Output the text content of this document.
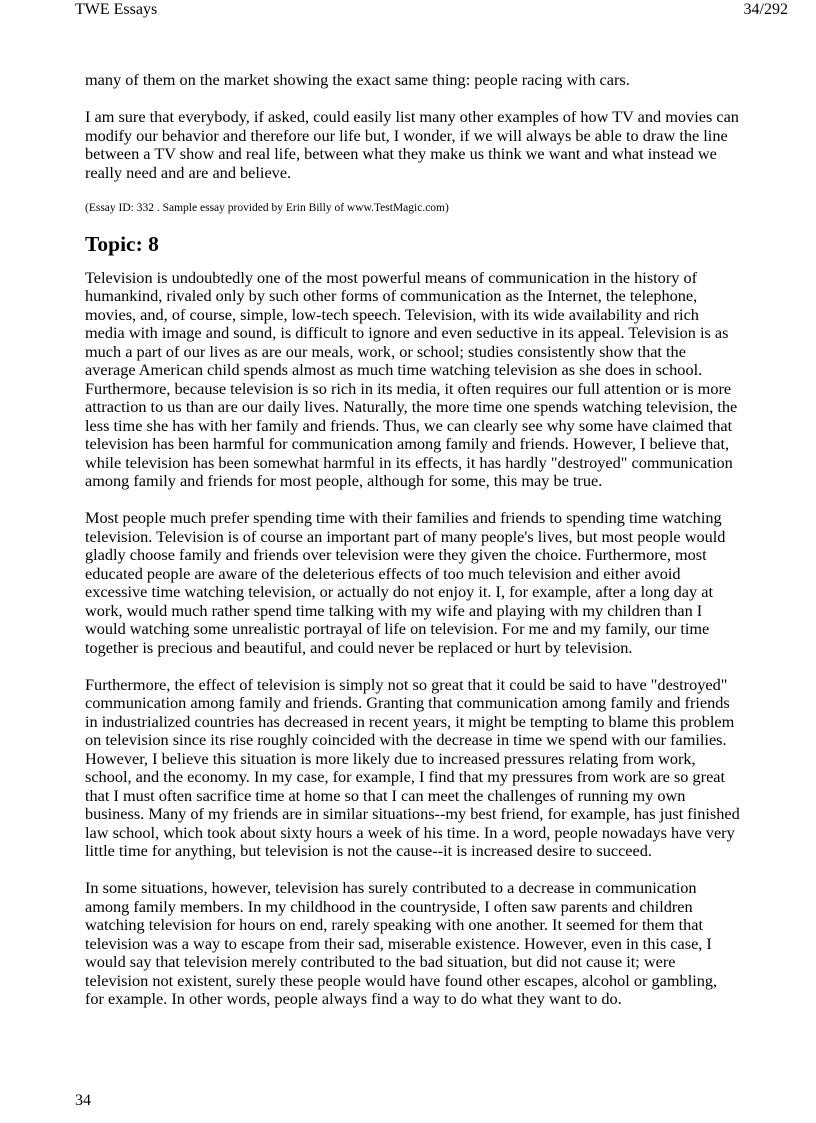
TWE Essays	34/292

many of them on the market showing the exact same thing: people racing with cars.

I am sure that everybody, if asked, could easily list many other examples of how TV and movies can modify our behavior and therefore our life but, I wonder, if we will always be able to draw the line between a TV show and real life, between what they make us think we want and what instead we really need and are and believe.

(Essay ID: 332 . Sample essay provided by Erin Billy of www.TestMagic.com)

Topic: 8

Television is undoubtedly one of the most powerful means of communication in the history of humankind, rivaled only by such other forms of communication as the Internet, the telephone, movies, and, of course, simple, low-tech speech. Television, with its wide availability and rich media with image and sound, is difficult to ignore and even seductive in its appeal. Television is as much a part of our lives as are our meals, work, or school; studies consistently show that the average American child spends almost as much time watching television as she does in school. Furthermore, because television is so rich in its media, it often requires our full attention or is more attraction to us than are our daily lives. Naturally, the more time one spends watching television, the less time she has with her family and friends. Thus, we can clearly see why some have claimed that television has been harmful for communication among family and friends. However, I believe that, while television has been somewhat harmful in its effects, it has hardly "destroyed" communication among family and friends for most people, although for some, this may be true.

Most people much prefer spending time with their families and friends to spending time watching television. Television is of course an important part of many people's lives, but most people would gladly choose family and friends over television were they given the choice. Furthermore, most educated people are aware of the deleterious effects of too much television and either avoid excessive time watching television, or actually do not enjoy it. I, for example, after a long day at work, would much rather spend time talking with my wife and playing with my children than I would watching some unrealistic portrayal of life on television. For me and my family, our time together is precious and beautiful, and could never be replaced or hurt by television.

Furthermore, the effect of television is simply not so great that it could be said to have "destroyed" communication among family and friends. Granting that communication among family and friends in industrialized countries has decreased in recent years, it might be tempting to blame this problem on television since its rise roughly coincided with the decrease in time we spend with our families. However, I believe this situation is more likely due to increased pressures relating from work, school, and the economy. In my case, for example, I find that my pressures from work are so great that I must often sacrifice time at home so that I can meet the challenges of running my own business. Many of my friends are in similar situations--my best friend, for example, has just finished law school, which took about sixty hours a week of his time. In a word, people nowadays have very little time for anything, but television is not the cause--it is increased desire to succeed.

In some situations, however, television has surely contributed to a decrease in communication among family members. In my childhood in the countryside, I often saw parents and children watching television for hours on end, rarely speaking with one another. It seemed for them that television was a way to escape from their sad, miserable existence. However, even in this case, I would say that television merely contributed to the bad situation, but did not cause it; were television not existent, surely these people would have found other escapes, alcohol or gambling, for example. In other words, people always find a way to do what they want to do.

34
